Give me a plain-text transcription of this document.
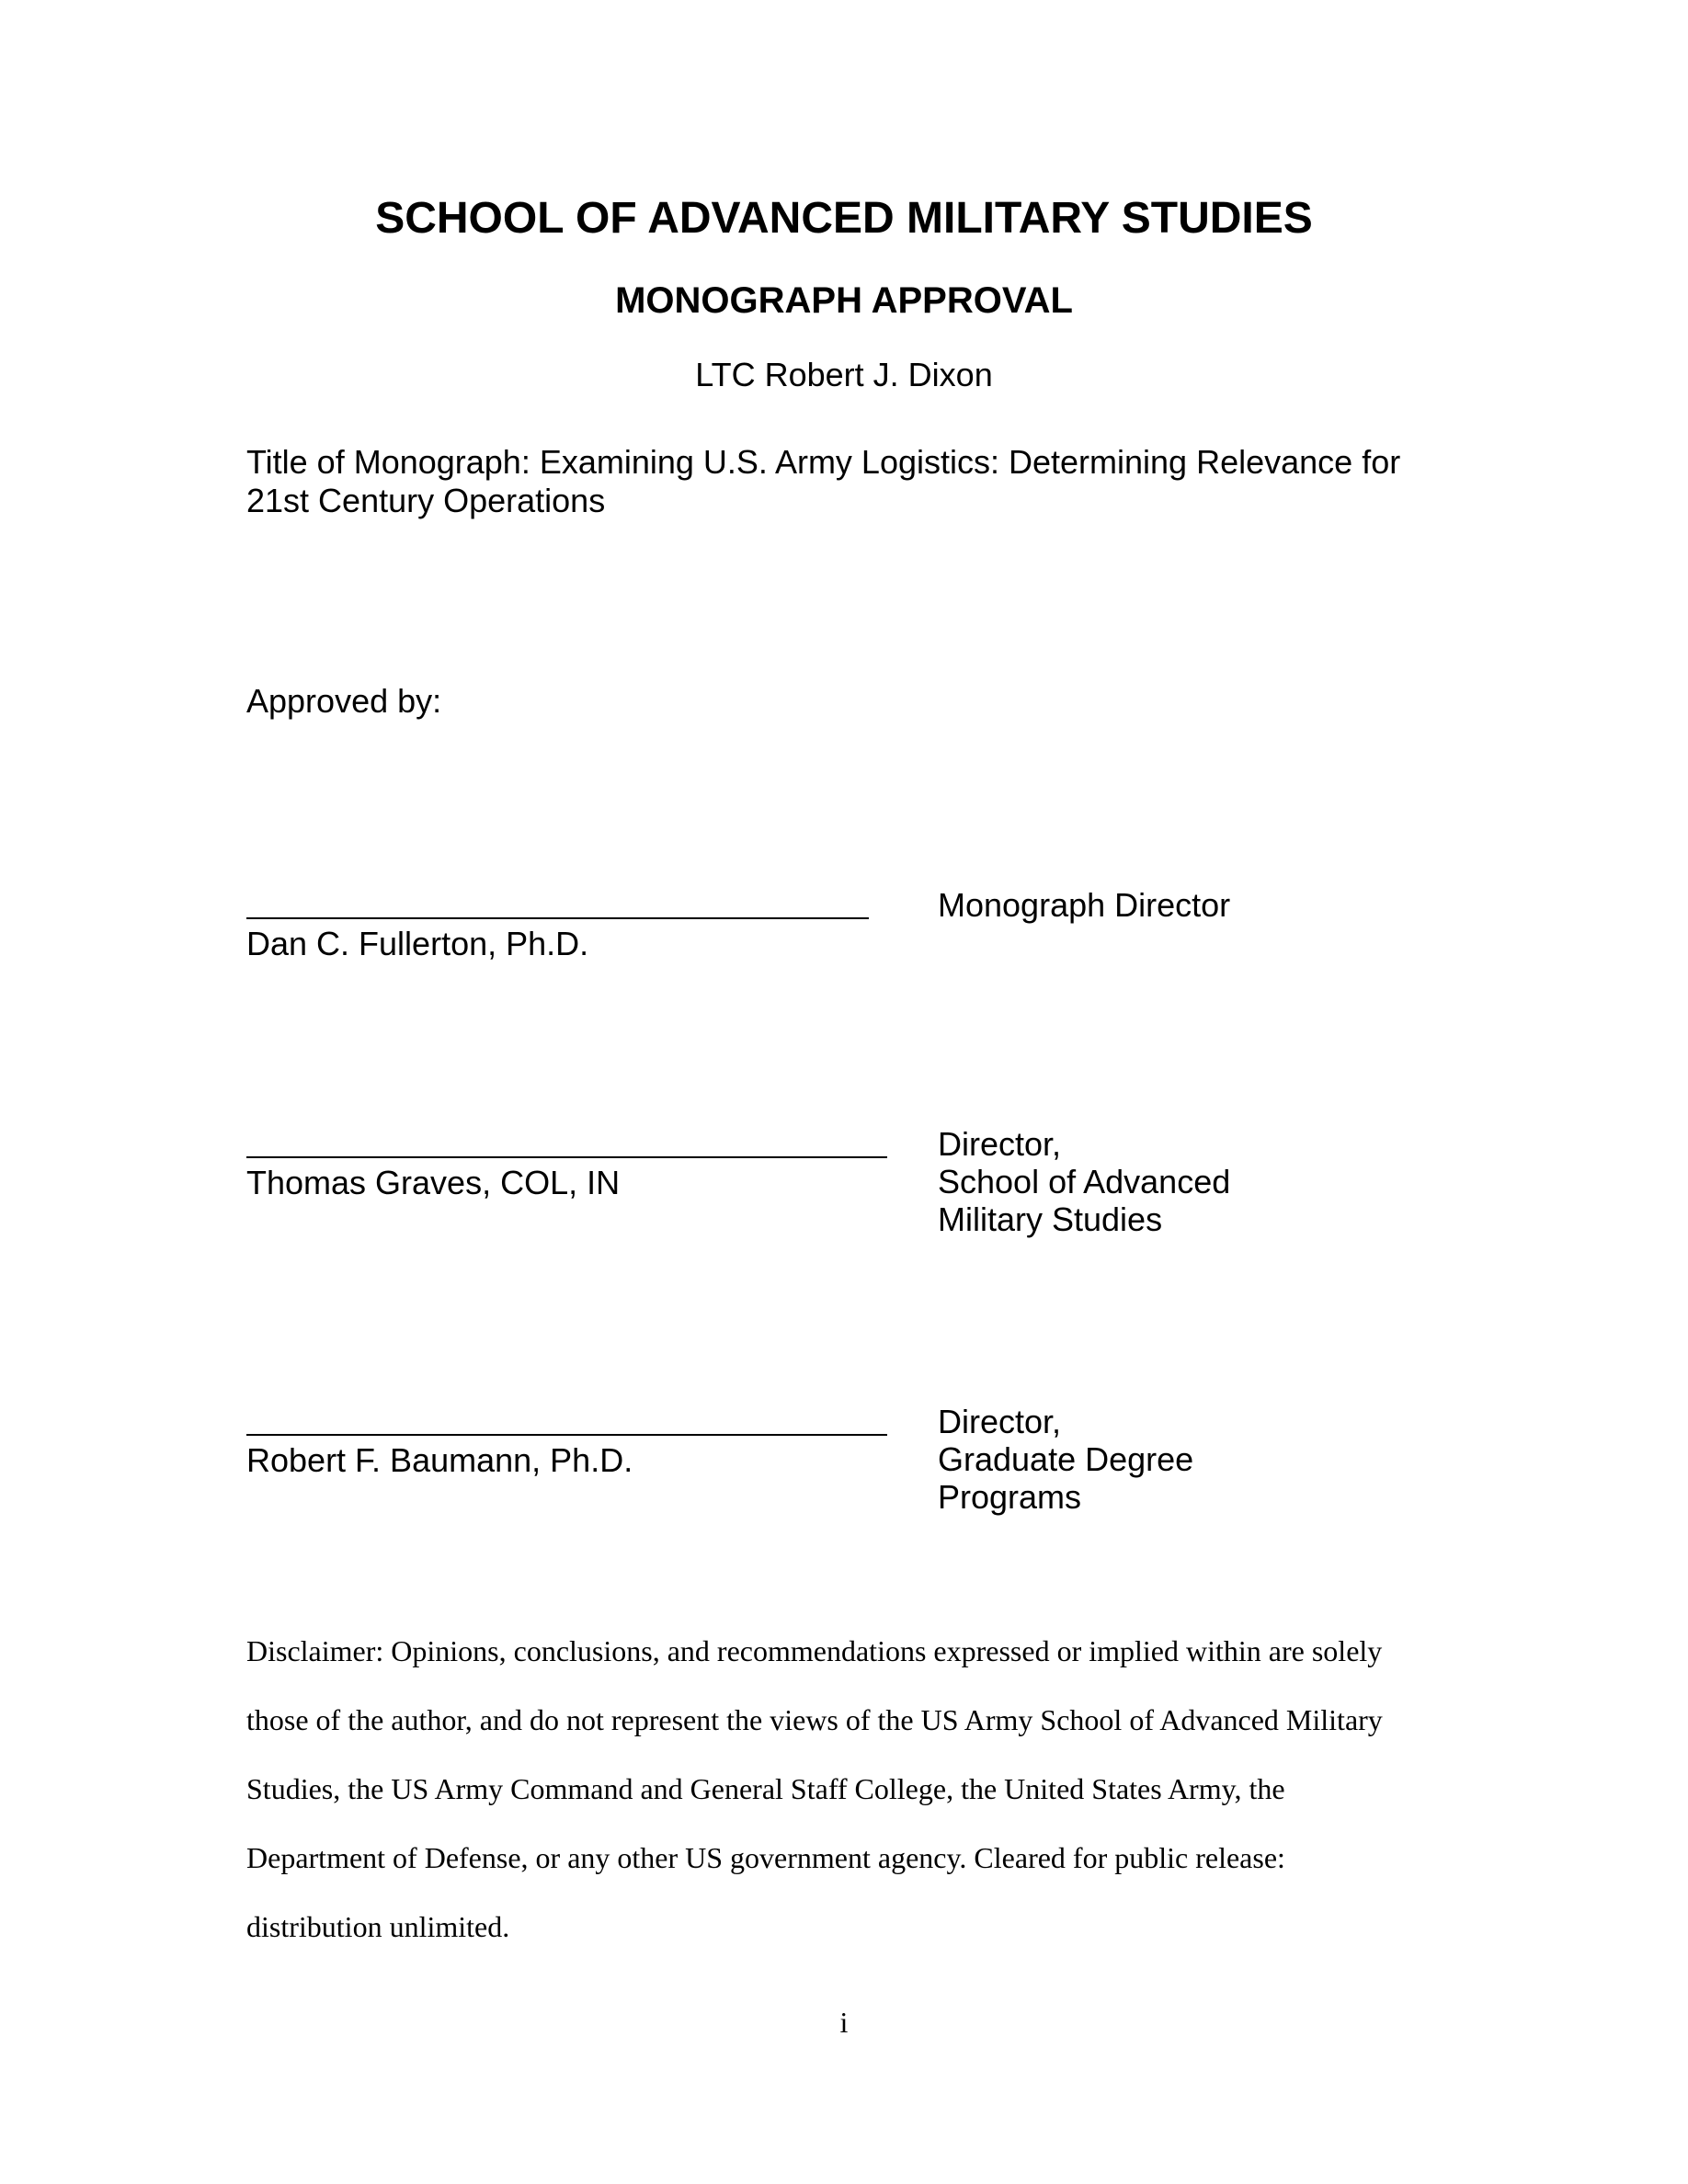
SCHOOL OF ADVANCED MILITARY STUDIES
MONOGRAPH APPROVAL
LTC Robert J. Dixon
Title of Monograph: Examining U.S. Army Logistics: Determining Relevance for
21st Century Operations
Approved by:
Dan C. Fullerton, Ph.D.
Monograph Director
Thomas Graves, COL, IN
Director,
School of Advanced
Military Studies
Robert F. Baumann, Ph.D.
Director,
Graduate Degree
Programs
Disclaimer: Opinions, conclusions, and recommendations expressed or implied within are solely
those of the author, and do not represent the views of the US Army School of Advanced Military
Studies, the US Army Command and General Staff College, the United States Army, the
Department of Defense, or any other US government agency. Cleared for public release:
distribution unlimited.
i
